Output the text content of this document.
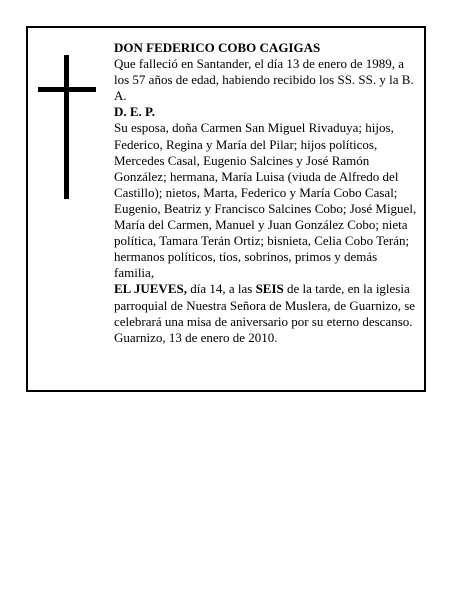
DON FEDERICO COBO CAGIGAS

Que falleció en Santander, el día 13 de enero de 1989, a los 57 años de edad, habiendo recibido los SS. SS. y la B. A.

D. E. P.

Su esposa, doña Carmen San Miguel Rivaduya; hijos, Federico, Regina y María del Pilar; hijos políticos, Mercedes Casal, Eugenio Salcines y José Ramón González; hermana, María Luisa (viuda de Alfredo del Castillo); nietos, Marta, Federico y María Cobo Casal; Eugenio, Beatriz y Francisco Salcines Cobo; José Miguel, María del Carmen, Manuel y Juan González Cobo; nieta política, Tamara Terán Ortiz; bisnieta, Celia Cobo Terán; hermanos políticos, tíos, sobrinos, primos y demás familia,

EL JUEVES, día 14, a las SEIS de la tarde, en la iglesia parroquial de Nuestra Señora de Muslera, de Guarnizo, se celebrará una misa de aniversario por su eterno descanso.

Guarnizo, 13 de enero de 2010.
